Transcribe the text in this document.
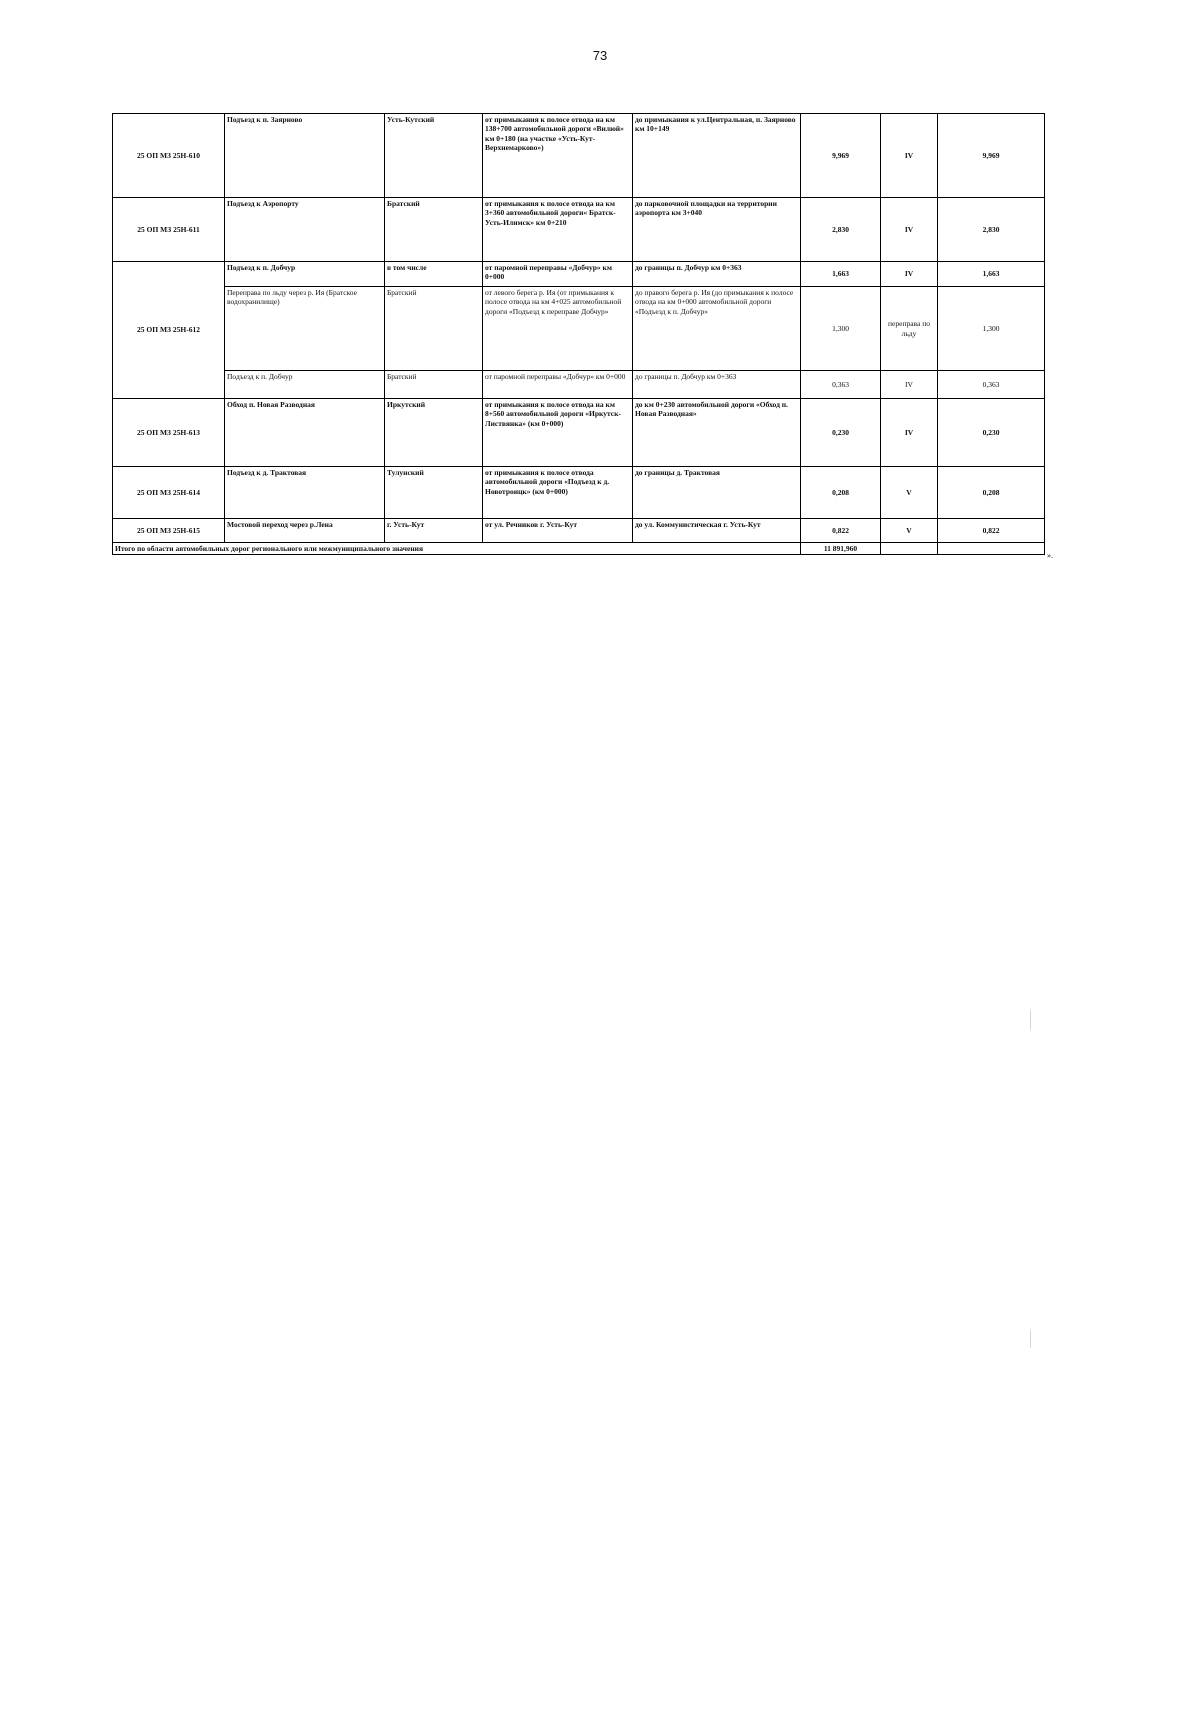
73
25 ОП МЗ 25Н-610	Подъезд к п. Заярново	Усть-Кутский	от примыкания к полосе отвода на км 138+700 автомобильной дороги «Вилюй» км 0+180 (на участке «Усть-Кут-Верхнемарково»)	до примыкания к ул.Центральная, п. Заярново км 10+149	9,969	IV	9,969
25 ОП МЗ 25Н-611	Подъезд к Аэропорту	Братский	от примыкания к полосе отвода на км 3+360 автомобильной дороги« Братск-Усть-Илимск» км 0+210	до парковочной площадки на территории аэропорта км 3+040	2,830	IV	2,830
25 ОП МЗ 25Н-612	Подъезд к п. Добчур	в том числе	от паромной переправы «Добчур» км 0+000	до границы п. Добчур км 0+363	1,663	IV	1,663
	Переправа по льду через р. Ия (Братское водохранилище)	Братский	от левого берега р. Ия (от примыкания к полосе отвода на км 4+025 автомобильной дороги «Подъезд к переправе Добчур»	до правого берега р. Ия (до примыкания к полосе отвода на км 0+000 автомобильной дороги «Подъезд к п. Добчур»	1,300	переправа по льду	1,300
	Подъезд к п. Добчур	Братский	от паромной переправы «Добчур» км 0+000	до границы п. Добчур км 0+363	0,363	IV	0,363
25 ОП МЗ 25Н-613	Обход п. Новая Разводная	Иркутский	от примыкания к полосе отвода на км 8+560 автомобильной дороги «Иркутск-Листвянка» (км 0+000)	до км 0+230 автомобильной дороги «Обход п. Новая Разводная»	0,230	IV	0,230
25 ОП МЗ 25Н-614	Подъезд к д. Трактовая	Тулунский	от примыкания к полосе отвода автомобильной дороги «Подъезд к д. Новотроицк» (км 0+000)	до границы д. Трактовая	0,208	V	0,208
25 ОП МЗ 25Н-615	Мостовой переход через р.Лена	г. Усть-Кут	от ул. Речников г. Усть-Кут	до ул. Коммунистическая г. Усть-Кут	0,822	V	0,822
Итого по области автомобильных дорог регионального или межмуниципального значения					11 891,960		
».
